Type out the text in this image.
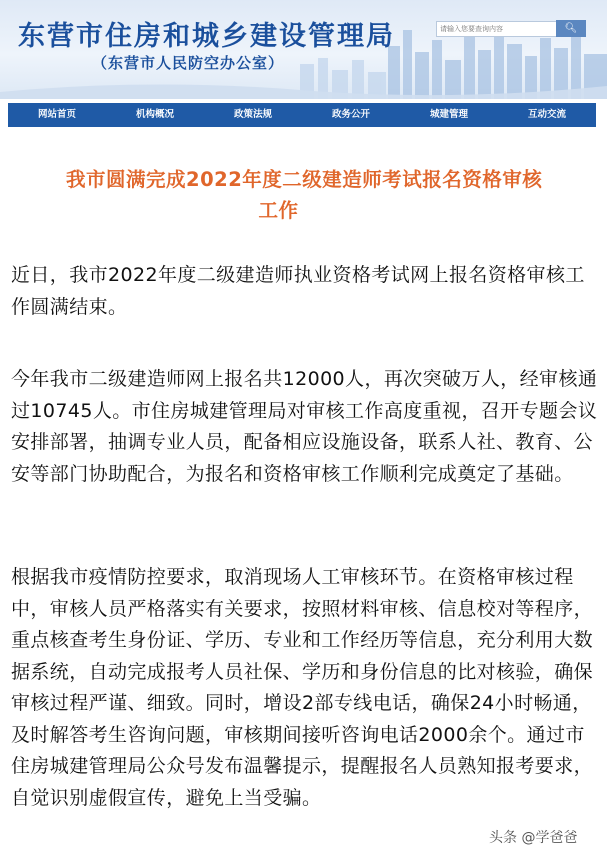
东营市住房和城乡建设管理局
（东营市人民防空办公室）
请输入您要查询内容
🔍︎
网站首页	机构概况	政策法规	政务公开	城建管理	互动交流
我市圆满完成2022年度二级建造师考试报名资格审核
工作
近日，我市2022年度二级建造师执业资格考试网上报名资格审核工作圆满结束。
今年我市二级建造师网上报名共12000人，再次突破万人，经审核通过10745人。市住房城建管理局对审核工作高度重视，召开专题会议安排部署，抽调专业人员，配备相应设施设备，联系人社、教育、公安等部门协助配合，为报名和资格审核工作顺利完成奠定了基础。
根据我市疫情防控要求，取消现场人工审核环节。在资格审核过程中，审核人员严格落实有关要求，按照材料审核、信息校对等程序，重点核查考生身份证、学历、专业和工作经历等信息，充分利用大数据系统，自动完成报考人员社保、学历和身份信息的比对核验，确保审核过程严谨、细致。同时，增设2部专线电话，确保24小时畅通，及时解答考生咨询问题，审核期间接听咨询电话2000余个。通过市住房城建管理局公众号发布温馨提示，提醒报名人员熟知报考要求，自觉识别虚假宣传，避免上当受骗。
头条 @学爸爸
